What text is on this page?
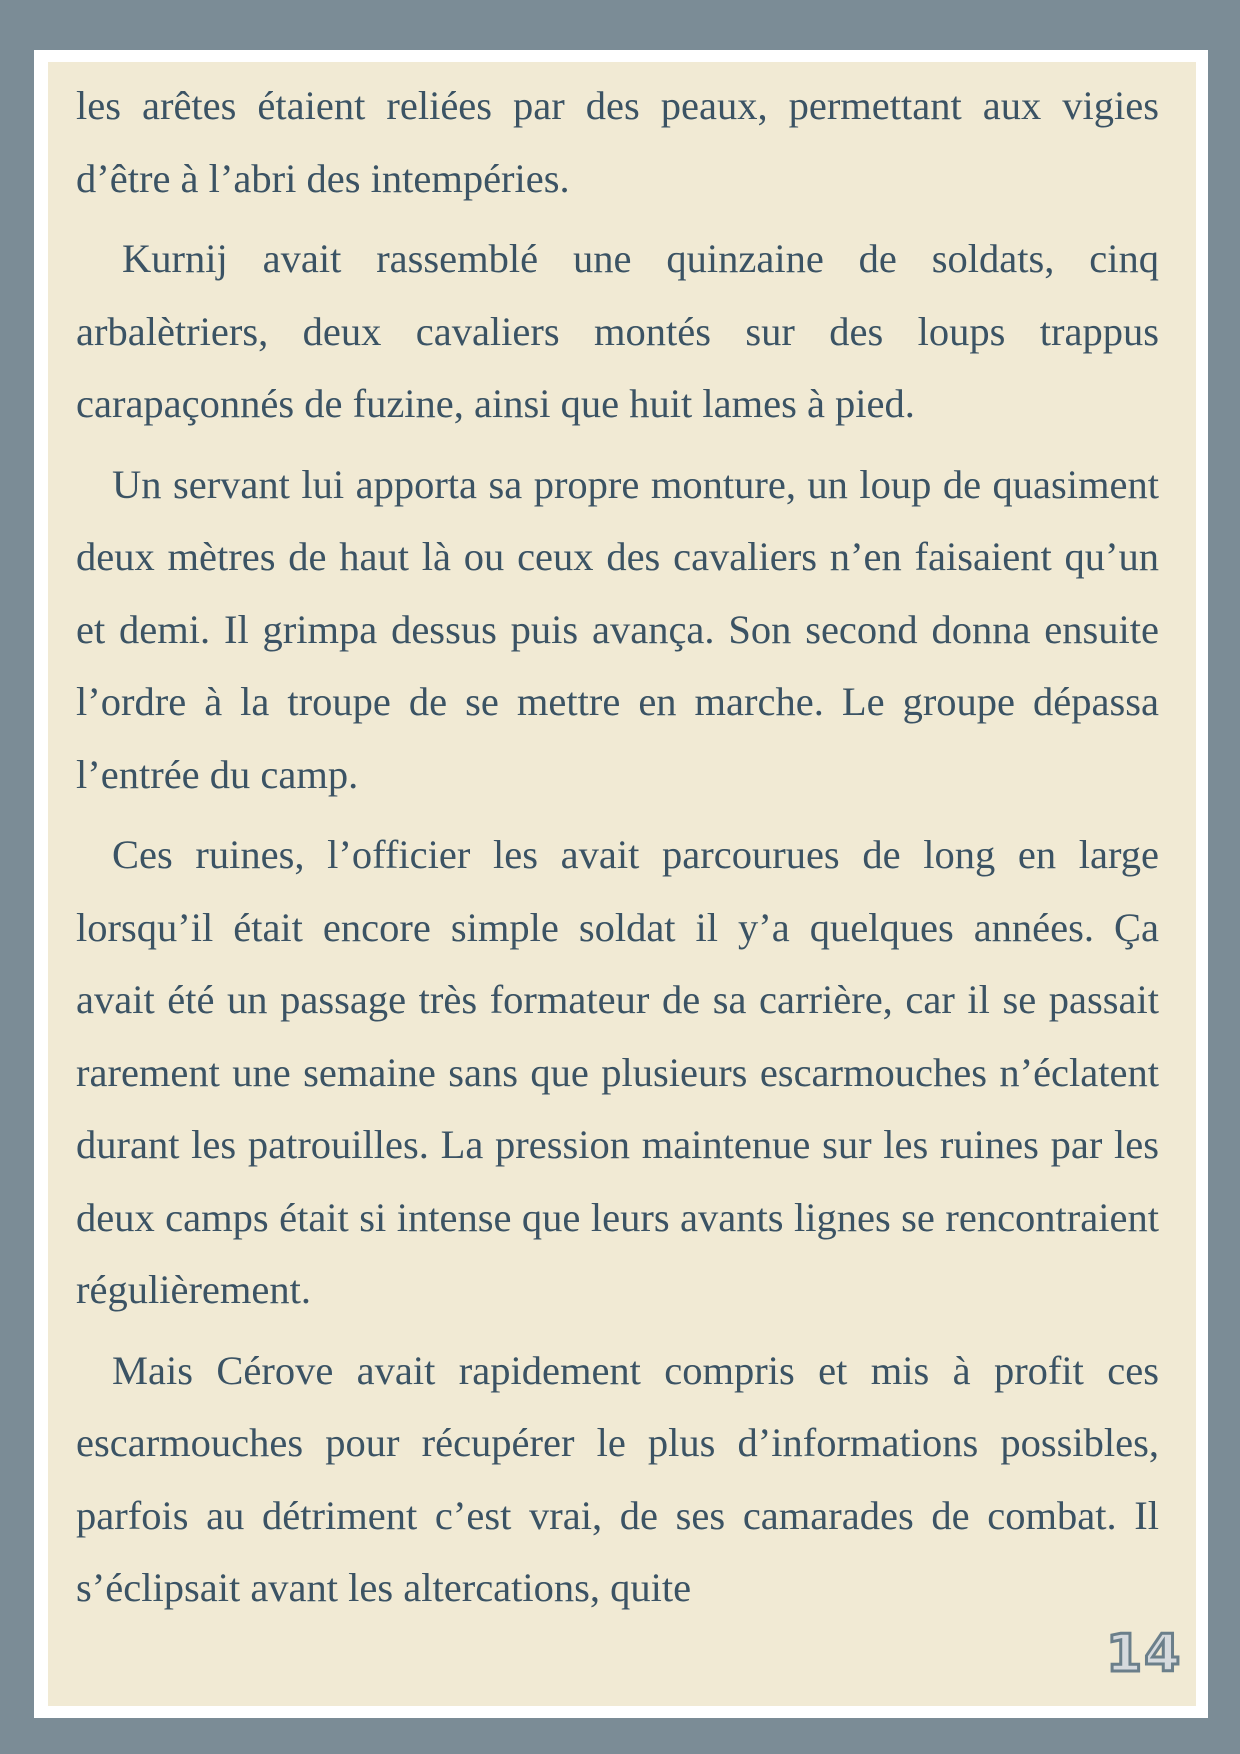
les arêtes étaient reliées par des peaux, permettant aux vigies d’être à l’abri des intempéries.

Kurnij avait rassemblé une quinzaine de soldats, cinq arbalètriers, deux cavaliers montés sur des loups trappus carapaçonnés de fuzine, ainsi que huit lames à pied.

Un servant lui apporta sa propre monture, un loup de quasiment deux mètres de haut là ou ceux des cavaliers n’en faisaient qu’un et demi. Il grimpa dessus puis avança. Son second donna ensuite l’ordre à la troupe de se mettre en marche. Le groupe dépassa l’entrée du camp.

Ces ruines, l’officier les avait parcourues de long en large lorsqu’il était encore simple soldat il y’a quelques années. Ça avait été un passage très formateur de sa carrière, car il se passait rarement une semaine sans que plusieurs escarmouches n’éclatent durant les patrouilles. La pression maintenue sur les ruines par les deux camps était si intense que leurs avants lignes se rencontraient régulièrement.

Mais Cérove avait rapidement compris et mis à profit ces escarmouches pour récupérer le plus d’informations possibles, parfois au détriment c’est vrai, de ses camarades de combat. Il s’éclipsait avant les altercations, quite

14
